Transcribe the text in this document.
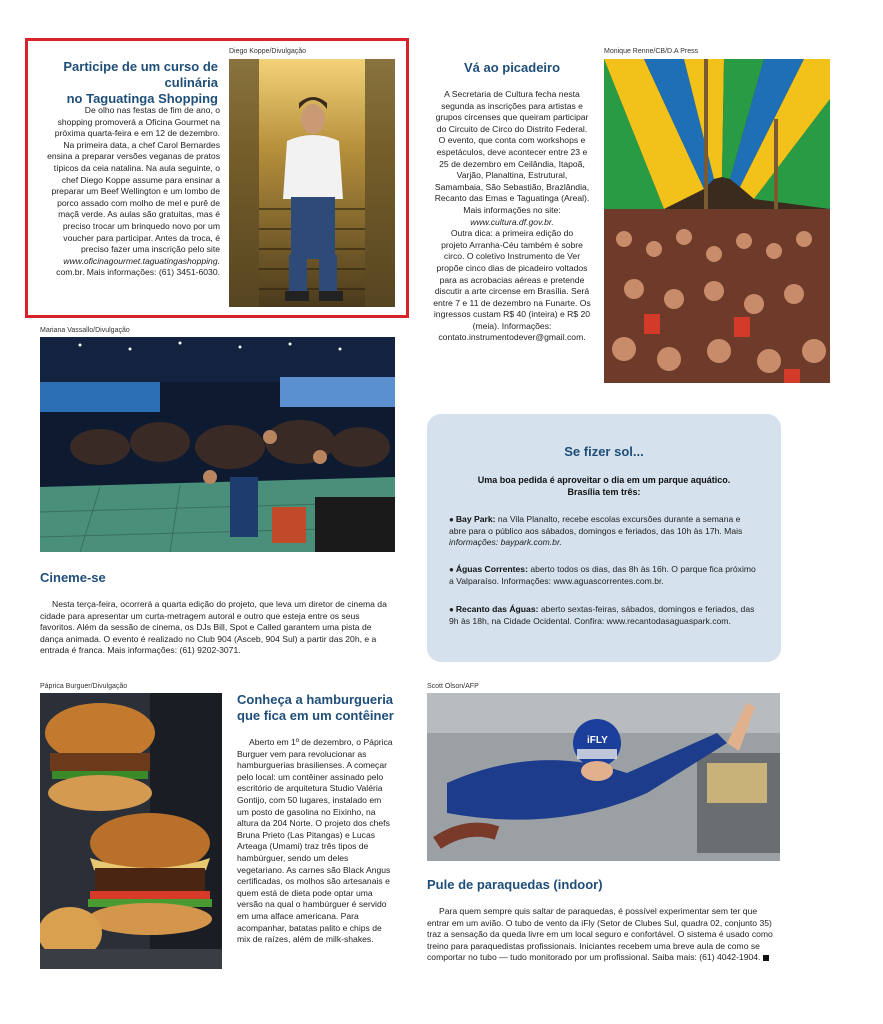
Diego Koppe/Divulgação
Participe de um curso de culinária
no Taguatinga Shopping
De olho nas festas de fim de ano, o
shopping promoverá a Oficina Gourmet na
próxima quarta-feira e em 12 de dezembro.
Na primeira data, a chef Carol Bernardes
ensina a preparar versões veganas de pratos
típicos da ceia natalina. Na aula seguinte, o
chef Diego Koppe assume para ensinar a
preparar um Beef Wellington e um lombo de
porco assado com molho de mel e purê de
maçã verde. As aulas são gratuitas, mas é
preciso trocar um brinquedo novo por um
voucher para participar. Antes da troca, é
preciso fazer uma inscrição pelo site
www.oficinagourmet.taguatingashopping.
com.br. Mais informações: (61) 3451-6030.
Monique Renne/CB/D.A Press
Vá ao picadeiro
A Secretaria de Cultura fecha nesta
segunda as inscrições para artistas e
grupos circenses que queiram participar
do Circuito de Circo do Distrito Federal.
O evento, que conta com workshops e
espetáculos, deve acontecer entre 23 e
25 de dezembro em Ceilândia, Itapoã,
Varjão, Planaltina, Estrutural,
Samambaia, São Sebastião, Brazlândia,
Recanto das Emas e Taguatinga (Areal).
Mais informações no site:
www.cultura.df.gov.br.
Outra dica: a primeira edição do
projeto Arranha-Céu também é sobre
circo. O coletivo Instrumento de Ver
propõe cinco dias de picadeiro voltados
para as acrobacias aéreas e pretende
discutir a arte circense em Brasília. Será
entre 7 e 11 de dezembro na Funarte. Os
ingressos custam R$ 40 (inteira) e R$ 20
(meia). Informações:
contato.instrumentodever@gmail.com.
Mariana Vassallo/Divulgação
Cineme-se
Nesta terça-feira, ocorrerá a quarta edição do projeto, que leva um diretor de cinema da
cidade para apresentar um curta-metragem autoral e outro que esteja entre os seus
favoritos. Além da sessão de cinema, os DJs Bill, Spot e Called garantem uma pista de
dança animada. O evento é realizado no Club 904 (Asceb, 904 Sul) a partir das 20h, e a
entrada é franca. Mais informações: (61) 9202-3071.
Se fizer sol...
Uma boa pedida é aproveitar o dia em um parque aquático.
Brasília tem três:
● Bay Park: na Vila Planalto, recebe escolas excursões durante a semana e
abre para o público aos sábados, domingos e feriados, das 10h às 17h. Mais
informações: baypark.com.br.
● Águas Correntes: aberto todos os dias, das 8h às 16h. O parque fica próximo
a Valparaíso. Informações: www.aguascorrentes.com.br.
● Recanto das Águas: aberto sextas-feiras, sábados, domingos e feriados, das
9h às 18h, na Cidade Ocidental. Confira: www.recantodasaguaspark.com.
Páprica Burguer/Divulgação
Conheça a hamburgueria
que fica em um contêiner
Aberto em 1º de dezembro, o Páprica
Burguer vem para revolucionar as
hamburguerias brasilienses. A começar
pelo local: um contêiner assinado pelo
escritório de arquitetura Studio Valéria
Gontijo, com 50 lugares, instalado em
um posto de gasolina no Eixinho, na
altura da 204 Norte. O projeto dos chefs
Bruna Prieto (Las Pitangas) e Lucas
Arteaga (Umami) traz três tipos de
hambúrguer, sendo um deles
vegetariano. As carnes são Black Angus
certificadas, os molhos são artesanais e
quem está de dieta pode optar uma
versão na qual o hambúrguer é servido
em uma alface americana. Para
acompanhar, batatas palito e chips de
mix de raízes, além de milk-shakes.
Scott Olson/AFP
iFLY
Pule de paraquedas (indoor)
Para quem sempre quis saltar de paraquedas, é possível experimentar sem ter que
entrar em um avião. O tubo de vento da iFly (Setor de Clubes Sul, quadra 02, conjunto 35)
traz a sensação da queda livre em um local seguro e confortável. O sistema é usado como
treino para paraquedistas profissionais. Iniciantes recebem uma breve aula de como se
comportar no tubo — tudo monitorado por um profissional. Saiba mais: (61) 4042-1904.
